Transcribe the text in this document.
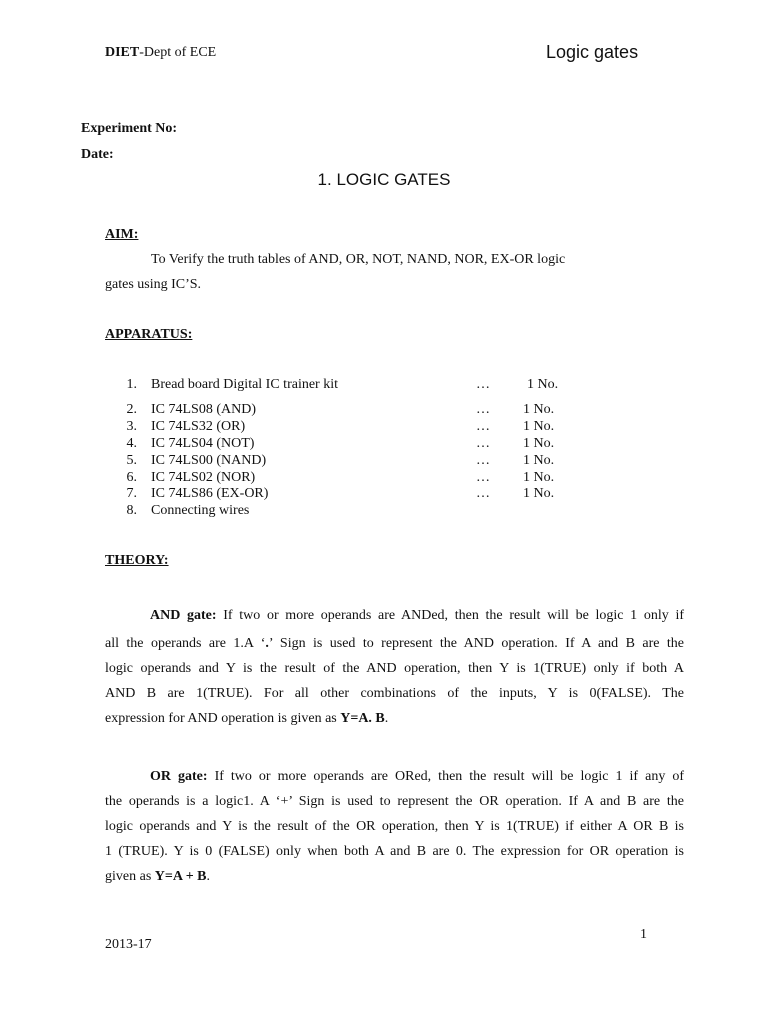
DIET-Dept of ECE	Logic gates
Experiment No:
Date:
1. LOGIC GATES
AIM:
To Verify the truth tables of AND, OR, NOT, NAND, NOR, EX-OR logic
gates using IC’S.
APPARATUS:
1. Bread board Digital IC trainer kit	…	1 No.
2. IC 74LS08 (AND)	… 1 No.
3. IC 74LS32 (OR)	… 1 No.
4. IC 74LS04 (NOT)	… 1 No.
5. IC 74LS00 (NAND)	… 1 No.
6. IC 74LS02 (NOR)	… 1 No.
7. IC 74LS86 (EX-OR)	… 1 No.
8. Connecting wires
THEORY:
AND gate: If two or more operands are ANDed, then the result will be logic 1 only if
all the operands are 1.A ‘.’ Sign is used to represent the AND operation. If A and B are the
logic operands and Y is the result of the AND operation, then Y is 1(TRUE) only if both A
AND B are 1(TRUE). For all other combinations of the inputs, Y is 0(FALSE). The
expression for AND operation is given as Y=A. B.
OR gate: If two or more operands are ORed, then the result will be logic 1 if any of
the operands is a logic1. A ‘+’ Sign is used to represent the OR operation. If A and B are the
logic operands and Y is the result of the OR operation, then Y is 1(TRUE) if either A OR B is
1 (TRUE). Y is 0 (FALSE) only when both A and B are 0. The expression for OR operation is
given as Y=A + B.
1
2013-17
